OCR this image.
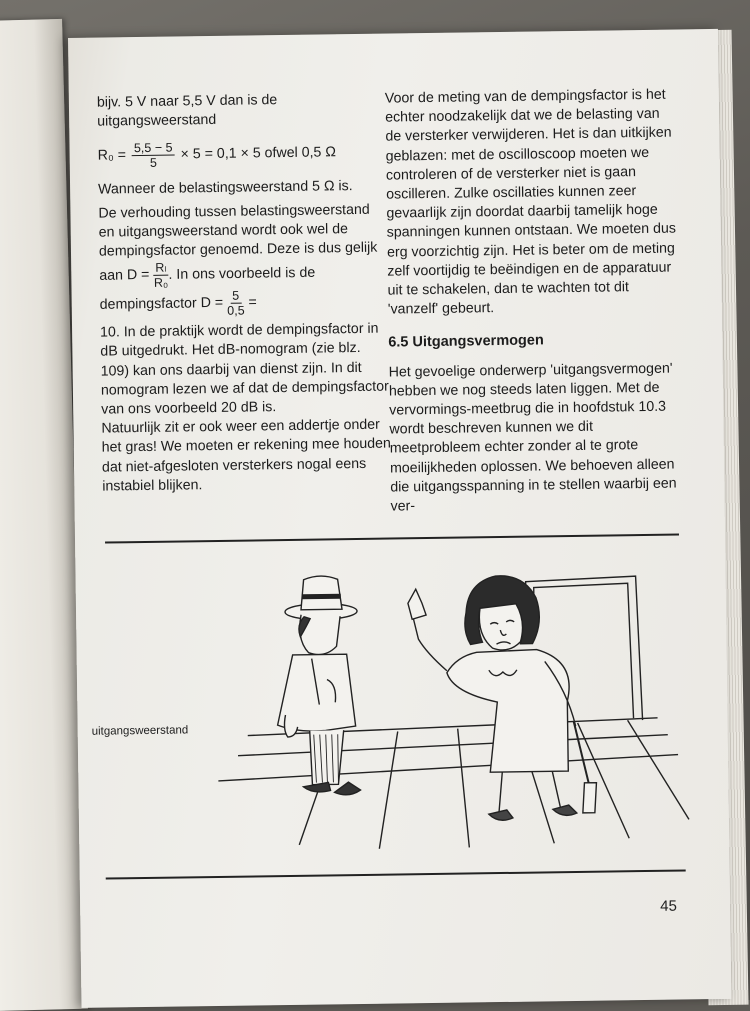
bijv. 5 V naar 5,5 V dan is de uitgangsweerstand

$R_0 = \frac{5,5 - 5}{5} \times 5 = 0,1 \times 5$ ofwel 0,5 Ω

Wanneer de belastingsweerstand 5 Ω is.

De verhouding tussen belastingsweerstand en uitgangsweerstand wordt ook wel de dempingsfactor genoemd. Deze is dus gelijk aan $D = \frac{\text{Rₗ}}{\text{R₀}}$ . In ons voorbeeld is de dempingsfactor $D = \frac{5}{0,5}$ =

10. In de praktijk wordt de dempingsfactor in dB uitgedrukt. Het dB-nomogram (zie blz. 109) kan ons daarbij van dienst zijn. In dit nomogram lezen we af dat de dempingsfactor van ons voorbeeld 20 dB is.

Natuurlijk zit er ook weer een addertje onder het gras! We moeten er rekening mee houden dat niet-afgesloten versterkers nogal eens instabiel blijken.

Voor de meting van de dempingsfactor is het echter noodzakelijk dat we de belasting van de versterker verwijderen. Het is dan uitkijken geblazen: met de oscilloscoop moeten we controleren of de versterker niet is gaan oscilleren. Zulke oscillaties kunnen zeer gevaarlijk zijn doordat daarbij tamelijk hoge spanningen kunnen ontstaan. We moeten dus erg voorzichtig zijn. Het is beter om de meting zelf voortijdig te beëindigen en de apparatuur uit te schakelen, dan te wachten tot dit 'vanzelf' gebeurt.

6.5 Uitgangsvermogen

Het gevoelige onderwerp 'uitgangsvermogen' hebben we nog steeds laten liggen. Met de vervormings-meetbrug die in hoofdstuk 10.3 wordt beschreven kunnen we dit meetprobleem echter zonder al te grote moeilijkheden oplossen. We behoeven alleen die uitgangsspanning in te stellen waarbij een ver-

uitgangsweerstand
45
